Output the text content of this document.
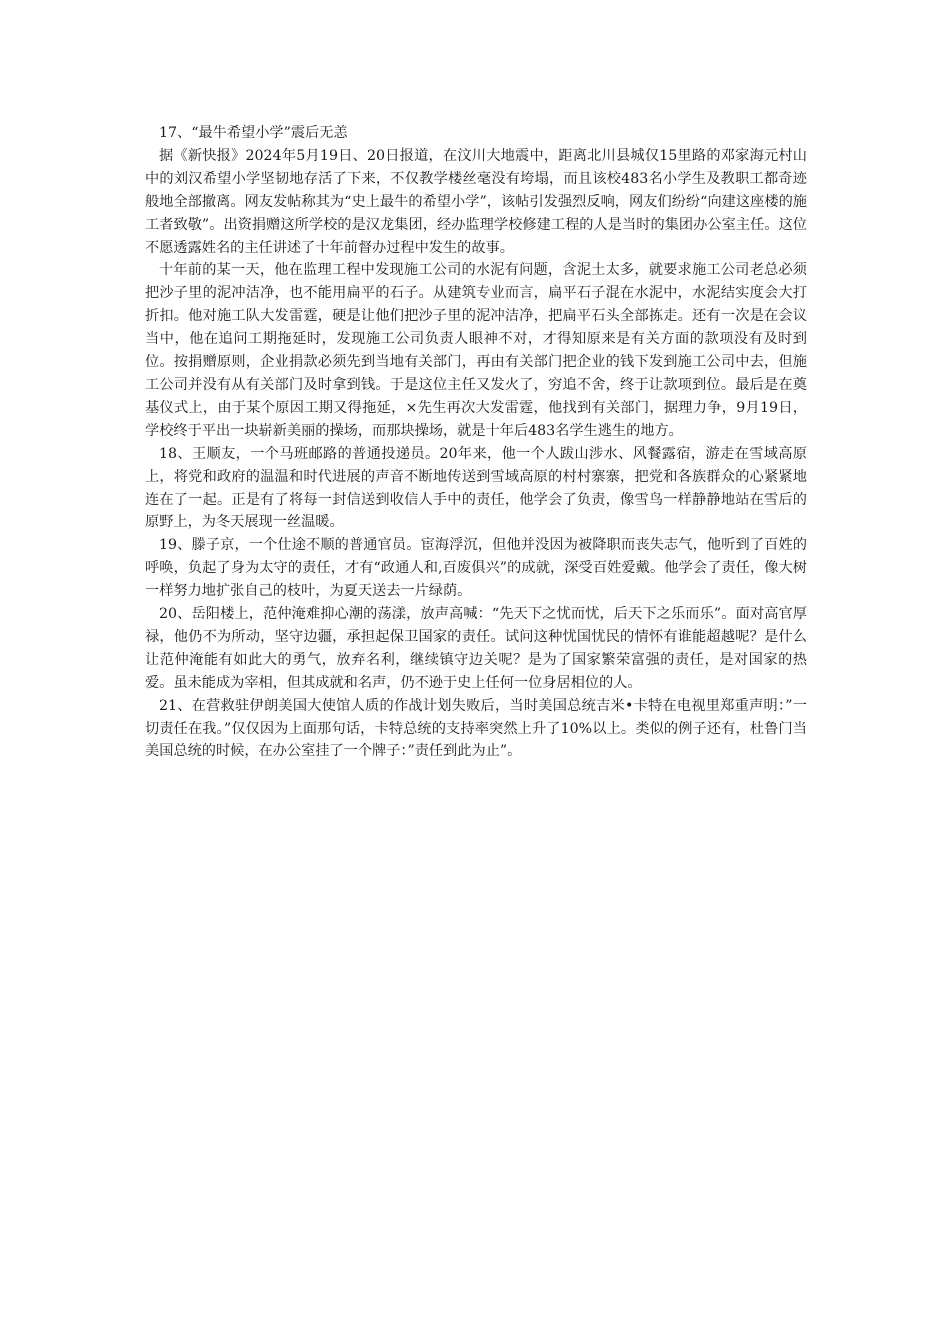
17、“最牛希望小学”震后无恙

据《新快报》2024年5月19日、20日报道，在汶川大地震中，距离北川县城仅15里路的邓家海元村山中的刘汉希望小学坚韧地存活了下来，不仅教学楼丝毫没有垮塌，而且该校483名小学生及教职工都奇迹般地全部撤离。网友发帖称其为“史上最牛的希望小学”，该帖引发强烈反响，网友们纷纷“向建这座楼的施工者致敬”。出资捐赠这所学校的是汉龙集团，经办监理学校修建工程的人是当时的集团办公室主任。这位不愿透露姓名的主任讲述了十年前督办过程中发生的故事。

十年前的某一天，他在监理工程中发现施工公司的水泥有问题，含泥土太多，就要求施工公司老总必须把沙子里的泥冲洁净，也不能用扁平的石子。从建筑专业而言，扁平石子混在水泥中，水泥结实度会大打折扣。他对施工队大发雷霆，硬是让他们把沙子里的泥冲洁净，把扁平石头全部拣走。还有一次是在会议当中，他在追问工期拖延时，发现施工公司负责人眼神不对，才得知原来是有关方面的款项没有及时到位。按捐赠原则，企业捐款必须先到当地有关部门，再由有关部门把企业的钱下发到施工公司中去，但施工公司并没有从有关部门及时拿到钱。于是这位主任又发火了，穷追不舍，终于让款项到位。最后是在奠基仪式上，由于某个原因工期又得拖延，×先生再次大发雷霆，他找到有关部门，据理力争，9月19日，学校终于平出一块崭新美丽的操场，而那块操场，就是十年后483名学生逃生的地方。

18、王顺友，一个马班邮路的普通投递员。20年来，他一个人跋山涉水、风餐露宿，游走在雪域高原上，将党和政府的温温和时代进展的声音不断地传送到雪域高原的村村寨寨，把党和各族群众的心紧紧地连在了一起。正是有了将每一封信送到收信人手中的责任，他学会了负责，像雪鸟一样静静地站在雪后的原野上，为冬天展现一丝温暖。

19、滕子京，一个仕途不顺的普通官员。宦海浮沉，但他并没因为被降职而丧失志气，他听到了百姓的呼唤，负起了身为太守的责任，才有“政通人和,百废俱兴”的成就，深受百姓爱戴。他学会了责任，像大树一样努力地扩张自己的枝叶，为夏天送去一片绿荫。

20、岳阳楼上，范仲淹难抑心潮的荡漾，放声高喊：“先天下之忧而忧，后天下之乐而乐”。面对高官厚禄，他仍不为所动，坚守边疆，承担起保卫国家的责任。试问这种忧国忧民的情怀有谁能超越呢？是什么让范仲淹能有如此大的勇气，放弃名利，继续镇守边关呢？是为了国家繁荣富强的责任，是对国家的热爱。虽未能成为宰相，但其成就和名声，仍不逊于史上任何一位身居相位的人。

21、在营救驻伊朗美国大使馆人质的作战计划失败后，当时美国总统吉米•卡特在电视里郑重声明：”一切责任在我。”仅仅因为上面那句话，卡特总统的支持率突然上升了10%以上。类似的例子还有，杜鲁门当美国总统的时候，在办公室挂了一个牌子：”责任到此为止”。
